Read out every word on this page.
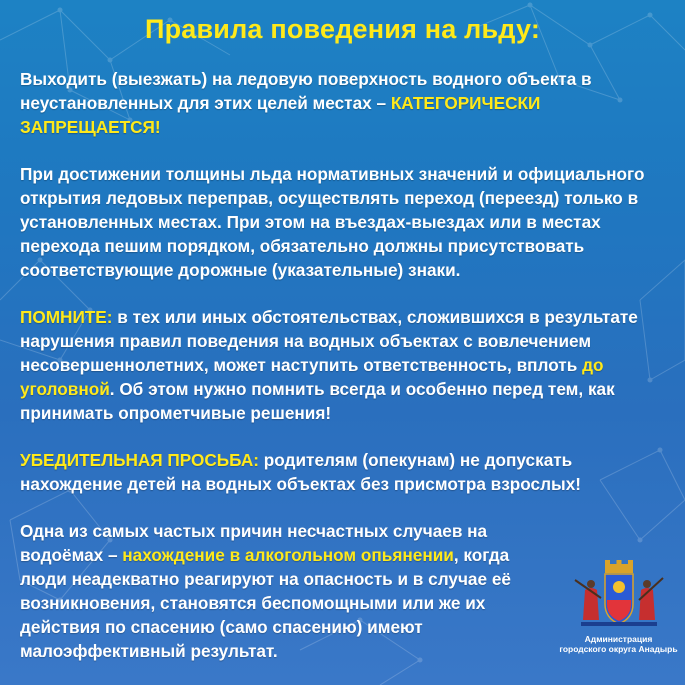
Правила поведения на льду:

Выходить (выезжать) на ледовую поверхность водного объекта в неустановленных для этих целей местах – КАТЕГОРИЧЕСКИ ЗАПРЕЩАЕТСЯ!

При достижении толщины льда нормативных значений и официального открытия ледовых переправ, осуществлять переход (переезд) только в установленных местах. При этом на въездах-выездах или в местах перехода пешим порядком, обязательно должны присутствовать соответствующие дорожные (указательные) знаки.

ПОМНИТЕ: в тех или иных обстоятельствах, сложившихся в результате нарушения правил поведения на водных объектах с вовлечением несовершеннолетних, может наступить ответственность, вплоть до уголовной. Об этом нужно помнить всегда и особенно перед тем, как принимать опрометчивые решения!

УБЕДИТЕЛЬНАЯ ПРОСЬБА: родителям (опекунам) не допускать нахождение детей на водных объектах без присмотра взрослых!

Одна из самых частых причин несчастных случаев на водоёмах – нахождение в алкогольном опьянении, когда люди неадекватно реагируют на опасность и в случае её возникновения, становятся беспомощными или же их действия по спасению (само спасению) имеют малоэффективный результат.

Администрация
городского округа Анадырь
